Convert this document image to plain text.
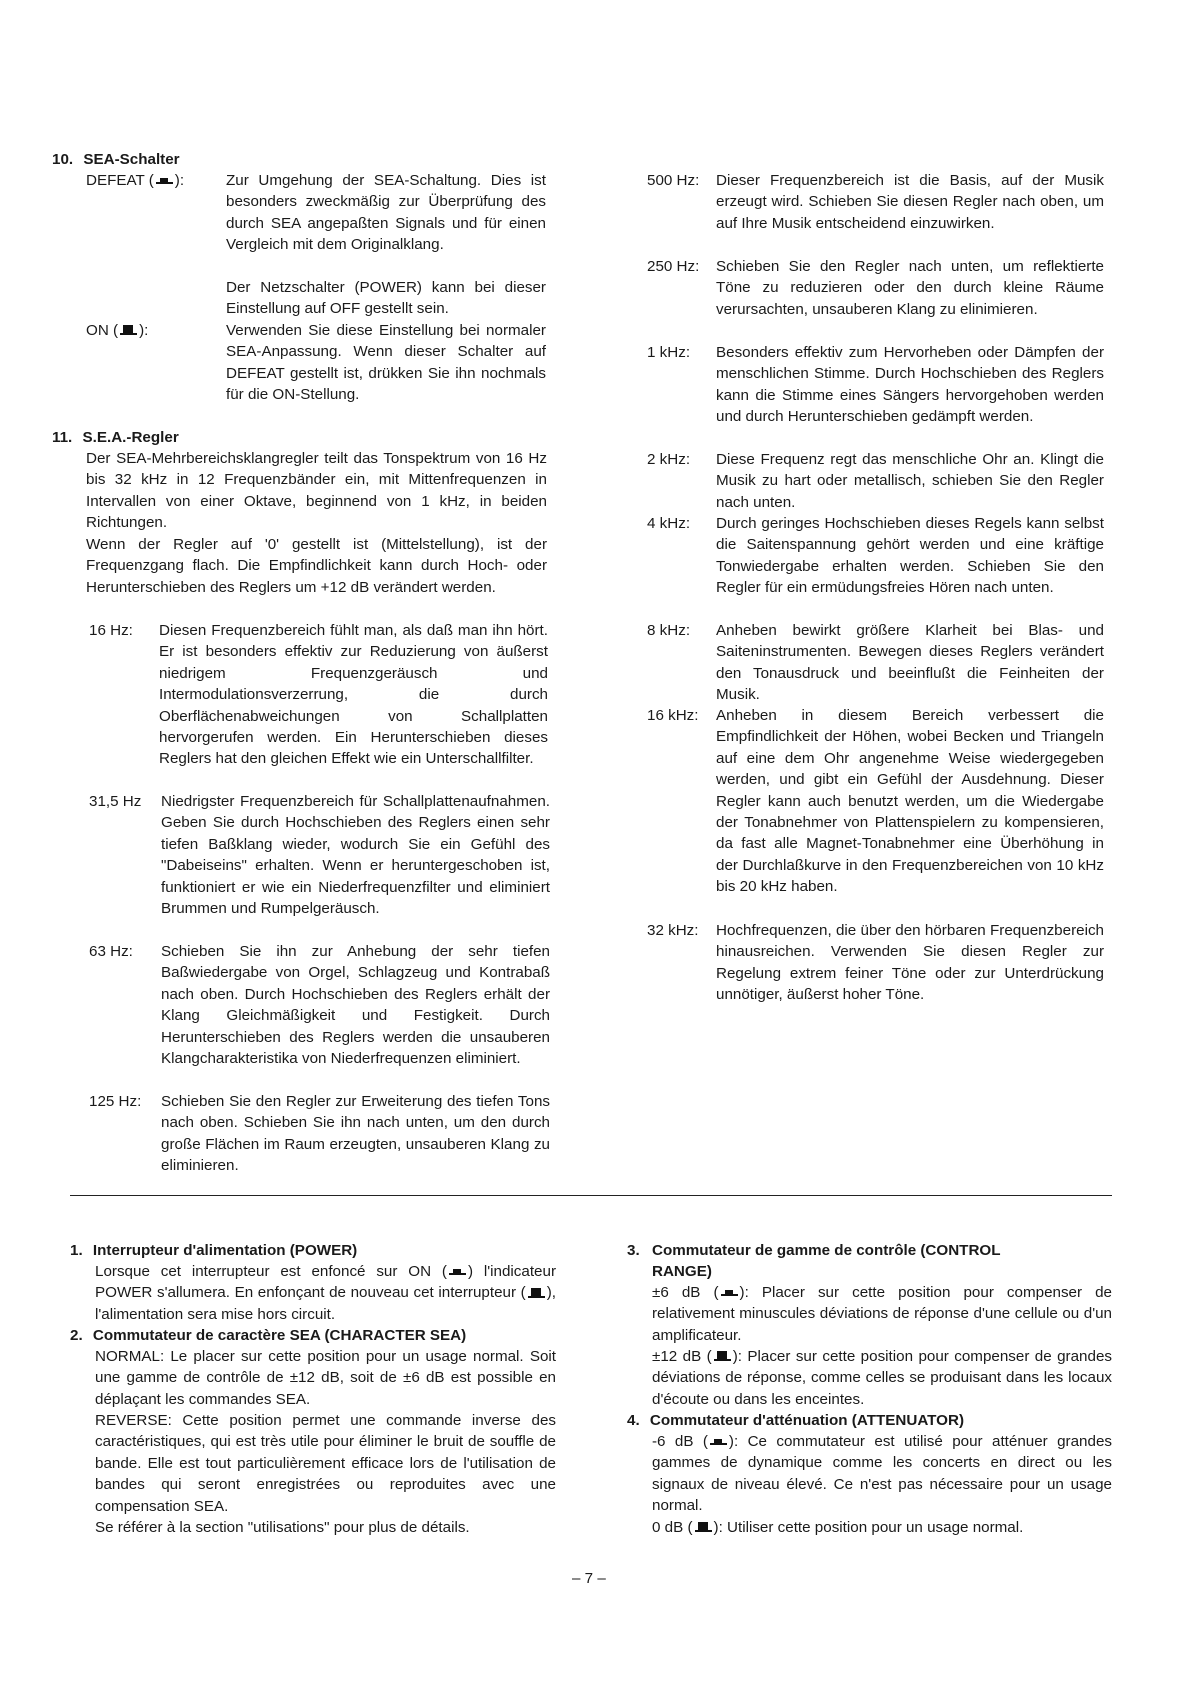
10. SEA-Schalter
DEFEAT ( ):	Zur Umgehung der SEA-Schaltung. Dies ist besonders zweckmäßig zur Überprüfung des durch SEA angepaßten Signals und für einen Vergleich mit dem Originalklang.
Der Netzschalter (POWER) kann bei dieser Einstellung auf OFF gestellt sein.
ON ( ):	Verwenden Sie diese Einstellung bei normaler SEA-Anpassung. Wenn dieser Schalter auf DEFEAT gestellt ist, drükken Sie ihn nochmals für die ON-Stellung.
11. S.E.A.-Regler
Der SEA-Mehrbereichsklangregler teilt das Tonspektrum von 16 Hz bis 32 kHz in 12 Frequenzbänder ein, mit Mittenfrequenzen in Intervallen von einer Oktave, beginnend von 1 kHz, in beiden Richtungen.
Wenn der Regler auf '0' gestellt ist (Mittelstellung), ist der Frequenzgang flach. Die Empfindlichkeit kann durch Hoch- oder Herunterschieben des Reglers um +12 dB verändert werden.
16 Hz: Diesen Frequenzbereich fühlt man, als daß man ihn hört. Er ist besonders effektiv zur Reduzierung von äußerst niedrigem Frequenzgeräusch und Intermodulationsverzerrung, die durch Oberflächenabweichungen von Schallplatten hervorgerufen werden. Ein Herunterschieben dieses Reglers hat den gleichen Effekt wie ein Unterschallfilter.
31,5 Hz Niedrigster Frequenzbereich für Schallplattenaufnahmen. Geben Sie durch Hochschieben des Reglers einen sehr tiefen Baßklang wieder, wodurch Sie ein Gefühl des "Dabeiseins" erhalten. Wenn er heruntergeschoben ist, funktioniert er wie ein Niederfrequenzfilter und eliminiert Brummen und Rumpelgeräusch.
63 Hz: Schieben Sie ihn zur Anhebung der sehr tiefen Baßwiedergabe von Orgel, Schlagzeug und Kontrabaß nach oben. Durch Hochschieben des Reglers erhält der Klang Gleichmäßigkeit und Festigkeit. Durch Herunterschieben des Reglers werden die unsauberen Klangcharakteristika von Niederfrequenzen eliminiert.
125 Hz: Schieben Sie den Regler zur Erweiterung des tiefen Tons nach oben. Schieben Sie ihn nach unten, um den durch große Flächen im Raum erzeugten, unsauberen Klang zu eliminieren.
500 Hz: Dieser Frequenzbereich ist die Basis, auf der Musik erzeugt wird. Schieben Sie diesen Regler nach oben, um auf Ihre Musik entscheidend einzuwirken.
250 Hz: Schieben Sie den Regler nach unten, um reflektierte Töne zu reduzieren oder den durch kleine Räume verursachten, unsauberen Klang zu elinimieren.
1 kHz: Besonders effektiv zum Hervorheben oder Dämpfen der menschlichen Stimme. Durch Hochschieben des Reglers kann die Stimme eines Sängers hervorgehoben werden und durch Herunterschieben gedämpft werden.
2 kHz: Diese Frequenz regt das menschliche Ohr an. Klingt die Musik zu hart oder metallisch, schieben Sie den Regler nach unten.
4 kHz: Durch geringes Hochschieben dieses Regels kann selbst die Saitenspannung gehört werden und eine kräftige Tonwiedergabe erhalten werden. Schieben Sie den Regler für ein ermüdungsfreies Hören nach unten.
8 kHz: Anheben bewirkt größere Klarheit bei Blas- und Saiteninstrumenten. Bewegen dieses Reglers verändert den Tonausdruck und beeinflußt die Feinheiten der Musik.
16 kHz: Anheben in diesem Bereich verbessert die Empfindlichkeit der Höhen, wobei Becken und Triangeln auf eine dem Ohr angenehme Weise wiedergegeben werden, und gibt ein Gefühl der Ausdehnung. Dieser Regler kann auch benutzt werden, um die Wiedergabe der Tonabnehmer von Plattenspielern zu kompensieren, da fast alle Magnet-Tonabnehmer eine Überhöhung in der Durchlaßkurve in den Frequenzbereichen von 10 kHz bis 20 kHz haben.
32 kHz: Hochfrequenzen, die über den hörbaren Frequenzbereich hinausreichen. Verwenden Sie diesen Regler zur Regelung extrem feiner Töne oder zur Unterdrückung unnötiger, äußerst hoher Töne.
1. Interrupteur d'alimentation (POWER)
Lorsque cet interrupteur est enfoncé sur ON ( ) l'indicateur POWER s'allumera. En enfonçant de nouveau cet interrupteur ( ), l'alimentation sera mise hors circuit.
2. Commutateur de caractère SEA (CHARACTER SEA)
NORMAL: Le placer sur cette position pour un usage normal. Soit une gamme de contrôle de ±12 dB, soit de ±6 dB est possible en déplaçant les commandes SEA.
REVERSE: Cette position permet une commande inverse des caractéristiques, qui est très utile pour éliminer le bruit de souffle de bande. Elle est tout particulièrement efficace lors de l'utilisation de bandes qui seront enregistrées ou reproduites avec une compensation SEA.
Se référer à la section "utilisations" pour plus de détails.
3. Commutateur de gamme de contrôle (CONTROL RANGE)
±6 dB ( ): Placer sur cette position pour compenser de relativement minuscules déviations de réponse d'une cellule ou d'un amplificateur.
±12 dB ( ): Placer sur cette position pour compenser de grandes déviations de réponse, comme celles se produisant dans les locaux d'écoute ou dans les enceintes.
4. Commutateur d'atténuation (ATTENUATOR)
-6 dB ( ): Ce commutateur est utilisé pour atténuer grandes gammes de dynamique comme les concerts en direct ou les signaux de niveau élevé. Ce n'est pas nécessaire pour un usage normal.
0 dB ( ): Utiliser cette position pour un usage normal.
– 7 –
